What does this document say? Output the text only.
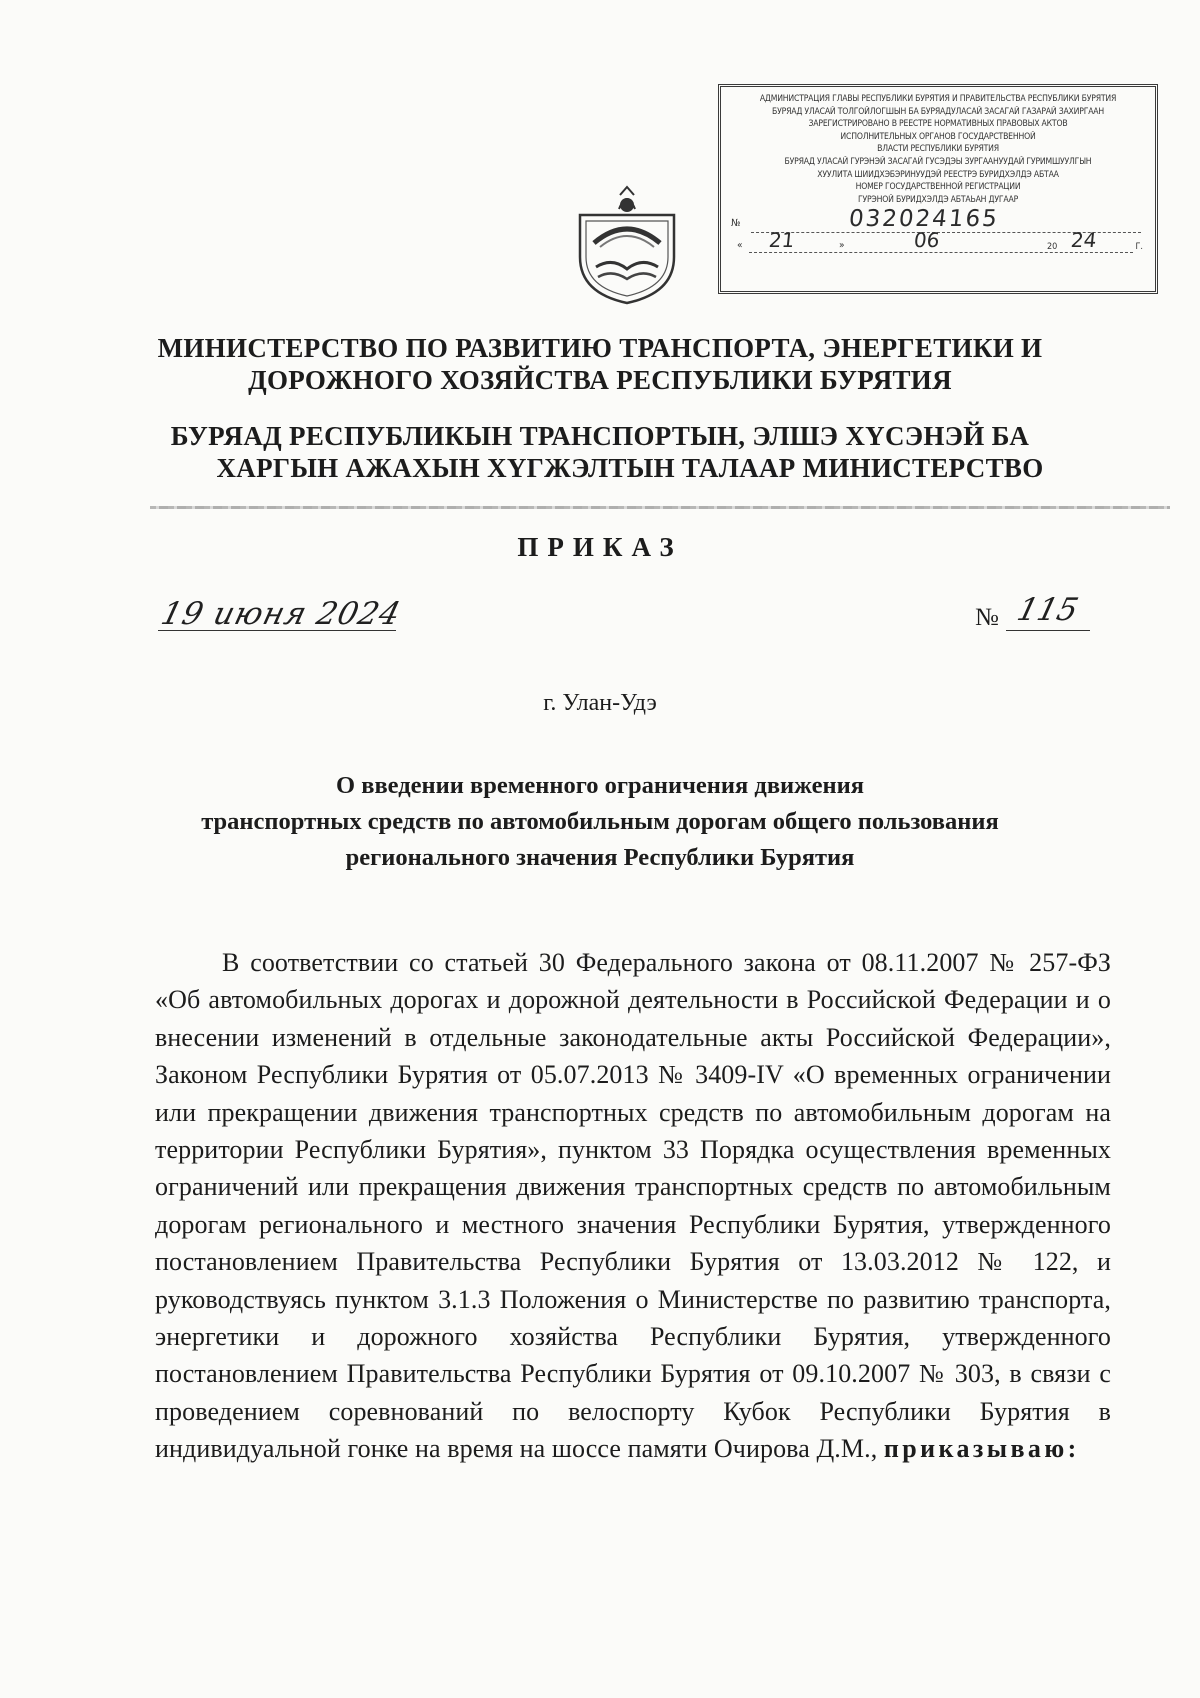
АДМИНИСТРАЦИЯ ГЛАВЫ РЕСПУБЛИКИ БУРЯТИЯ И ПРАВИТЕЛЬСТВА РЕСПУБЛИКИ БУРЯТИЯ
БУРЯАД УЛАСАЙ ТОЛГОЙЛОГШЫН БА БУРЯАДУЛАСАЙ ЗАСАГАЙ ГАЗАРАЙ ЗАХИРГААН
ЗАРЕГИСТРИРОВАНО В РЕЕСТРЕ НОРМАТИВНЫХ ПРАВОВЫХ АКТОВ
ИСПОЛНИТЕЛЬНЫХ ОРГАНОВ ГОСУДАРСТВЕННОЙ
ВЛАСТИ РЕСПУБЛИКИ БУРЯТИЯ
БУРЯАД УЛАСАЙ ГУРЭНЭЙ ЗАСАГАЙ ГУСЭДЭЫ ЗУРГААНУУДАЙ ГУРИМШУУЛГЫН
ХУУЛИТА ШИИДХЭБЭРИНУУДЭЙ РЕЕСТРЭ БУРИДХЭЛДЭ АБТАА
НОМЕР ГОСУДАРСТВЕННОЙ РЕГИСТРАЦИИ
ГУРЭНОЙ БУРИДХЭЛДЭ АБТАЬАН ДУГААР
№	032024165
« 21	»	06	20 24	Г.
МИНИСТЕРСТВО ПО РАЗВИТИЮ ТРАНСПОРТА, ЭНЕРГЕТИКИ И
ДОРОЖНОГО ХОЗЯЙСТВА РЕСПУБЛИКИ БУРЯТИЯ
БУРЯАД РЕСПУБЛИКЫН ТРАНСПОРТЫН, ЭЛШЭ ХҮСЭНЭЙ БА
ХАРГЫН АЖАХЫН ХҮГЖЭЛТЫН ТАЛААР МИНИСТЕРСТВО
ПРИКАЗ
19 июня 2024	№ 115
г. Улан-Удэ
О введении временного ограничения движения
транспортных средств по автомобильным дорогам общего пользования
регионального значения Республики Бурятия
В соответствии со статьей 30 Федерального закона от 08.11.2007 № 257-ФЗ «Об автомобильных дорогах и дорожной деятельности в Российской Федерации и о внесении изменений в отдельные законодательные акты Российской Федерации», Законом Республики Бурятия от 05.07.2013 № 3409-IV «О временных ограничении или прекращении движения транспортных средств по автомобильным дорогам на территории Республики Бурятия», пунктом 33 Порядка осуществления временных ограничений или прекращения движения транспортных средств по автомобильным дорогам регионального и местного значения Республики Бурятия, утвержденного постановлением Правительства Республики Бурятия от 13.03.2012 № 122, и руководствуясь пунктом 3.1.3 Положения о Министерстве по развитию транспорта, энергетики и дорожного хозяйства Республики Бурятия, утвержденного постановлением Правительства Республики Бурятия от 09.10.2007 № 303, в связи с проведением соревнований по велоспорту Кубок Республики Бурятия в индивидуальной гонке на время на шоссе памяти Очирова Д.М., приказываю:
